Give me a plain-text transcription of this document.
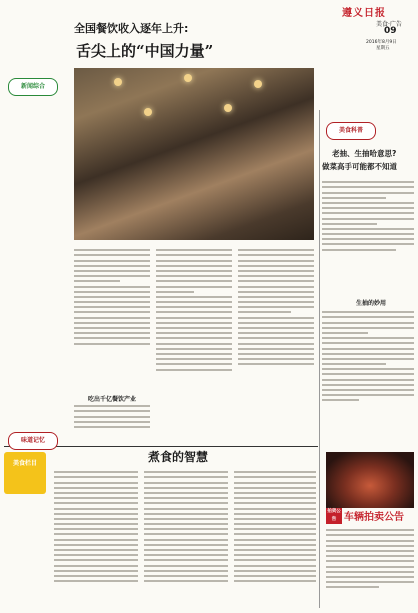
遵义日报
美食·广告
09
2016年8月9日
星期五
全国餐饮收入逐年上升:
舌尖上的“中国力量”
新闻综合
美食科普
老抽、生抽哈意思?
做菜高手可能都不知道
生抽的妙用
吃出千亿餐饮产业
味道记忆
煮食的智慧
美食栏目
拍卖公告 车辆拍卖公告
